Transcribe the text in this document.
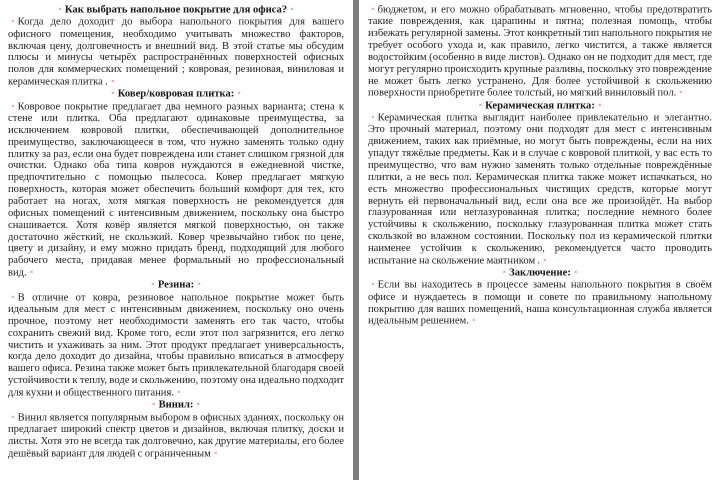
× Как выбрать напольное покрытие для офиса? ×
× Когда дело доходит до выбора напольного покрытия для вашего офисного помещения, необходимо учитывать множество факторов, включая цену, долговечность и внешний вид. В этой статье мы обсудим плюсы и минусы четырёх распространённых поверхностей офисных полов для коммерческих помещений ; ковровая, резиновая, виниловая и керамическая плитка . ×
× Ковер/ковровая плитка: ×
× Ковровое покрытие предлагает два немного разных варианта; стена к стене или плитка. Оба предлагают одинаковые преимущества, за исключением ковровой плитки, обеспечивающей дополнительное преимущество, заключающееся в том, что нужно заменять только одну плитку за раз, если она будет повреждена или станет слишком грязной для очистки. Однако оба типа ковров нуждаются в ежедневной чистке, предпочтительно с помощью пылесоса. Ковер предлагает мягкую поверхность, которая может обеспечить больший комфорт для тех, кто работает на ногах, хотя мягкая поверхность не рекомендуется для офисных помещений с интенсивным движением, поскольку она быстро снашивается. Хотя ковёр является мягкой поверхностью, он также достаточно жёсткий, не скользкий. Ковер чрезвычайно гибок по цене, цвету и дизайну, и ему можно придать бренд, подходящий для любого рабочего места, придавая менее формальный но профессиональный вид. ×
× Резина: ×
× В отличие от ковра, резиновое напольное покрытие может быть идеальным для мест с интенсивным движением, поскольку оно очень прочное, поэтому нет необходимости заменять его так часто, чтобы сохранить свежий вид. Кроме того, если этот пол загрязнится, его легко чистить и ухаживать за ним. Этот продукт предлагает универсальность, когда дело доходит до дизайна, чтобы правильно вписаться в атмосферу вашего офиса. Резина также может быть привлекательной благодаря своей устойчивости к теплу, воде и скольжению, поэтому она идеально подходит для кухни и общественного питания. ×
× Винил: ×
× Винил является популярным выбором в офисных зданиях, поскольку он предлагает широкий спектр цветов и дизайнов, включая плитку, доски и листы. Хотя это не всегда так долговечно, как другие материалы, его более дешёвый вариант для людей с ограниченным ×
× бюджетом, и его можно обрабатывать мгновенно, чтобы предотвратить такие повреждения, как царапины и пятна; полезная помощь, чтобы избежать регулярной замены. Этот конкретный тип напольного покрытия не требует особого ухода и, как правило, легко чистится, а также является водостойким (особенно в виде листов). Однако он не подходит для мест, где могут регулярно происходить крупные разливы, поскольку это повреждение не может быть легко устранено. Для более устойчивой к скольжению поверхности приобретите более толстый, но мягкий виниловый пол. ×
× Керамическая плитка: ×
× Керамическая плитка выглядит наиболее привлекательно и элегантно. Это прочный материал, поэтому они подходят для мест с интенсивным движением, таких как приёмные, но могут быть повреждены, если на них упадут тяжёлые предметы. Как и в случае с ковровой плиткой, у вас есть то преимущество, что вам нужно заменять только отдельные повреждённые плитки, а не весь пол. Керамическая плитка также может испачкаться, но есть множество профессиональных чистящих средств, которые могут вернуть ей первоначальный вид, если она все же произойдёт. На выбор глазурованная или неглазурованная плитка; последние немного более устойчивы к скольжению, поскольку глазурованная плитка может стать скользкой во влажном состоянии. Поскольку пол из керамической плитки наименее устойчив к скольжению, рекомендуется часто проводить испытание на скольжение маятником . ×
× Заключение: ×
× Если вы находитесь в процессе замены напольного покрытия в своём офисе и нуждаетесь в помощи и совете по правильному напольному покрытию для ваших помещений, наша консультационная служба является идеальным решением. ×
